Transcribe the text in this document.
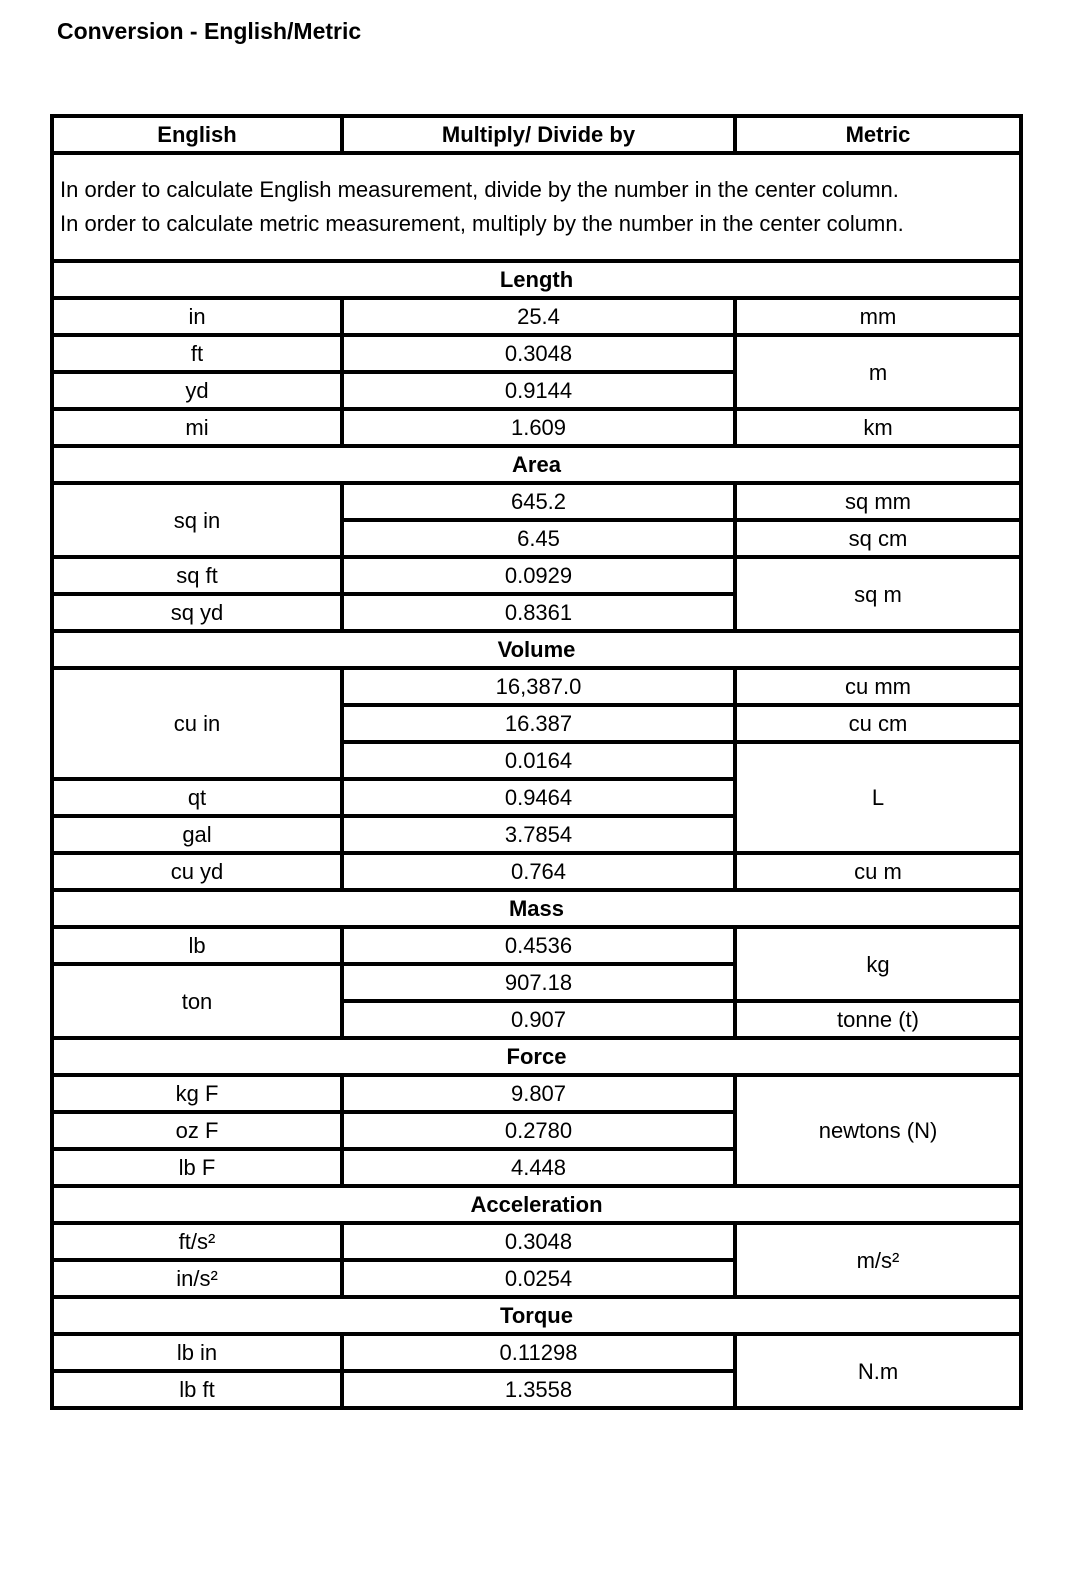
Conversion - English/Metric
English	Multiply/ Divide by	Metric

In order to calculate English measurement, divide by the number in the center column.
In order to calculate metric measurement, multiply by the number in the center column.		

Length		
in	25.4	mm
ft	0.3048	m
yd	0.9144	
mi	1.609	km
Area		
sq in	645.2	sq mm
	6.45	sq cm
sq ft	0.0929	sq m
sq yd	0.8361	
Volume		
cu in	16,387.0	cu mm
	16.387	cu cm
	0.0164	L
qt	0.9464	
gal	3.7854	
cu yd	0.764	cu m
Mass		
lb	0.4536	kg
ton	907.18	
	0.907	tonne (t)
Force		
kg F	9.807	newtons (N)
oz F	0.2780	
lb F	4.448	
Acceleration		
ft/s²	0.3048	m/s²
in/s²	0.0254	
Torque		
lb in	0.11298	N.m
lb ft	1.3558	
